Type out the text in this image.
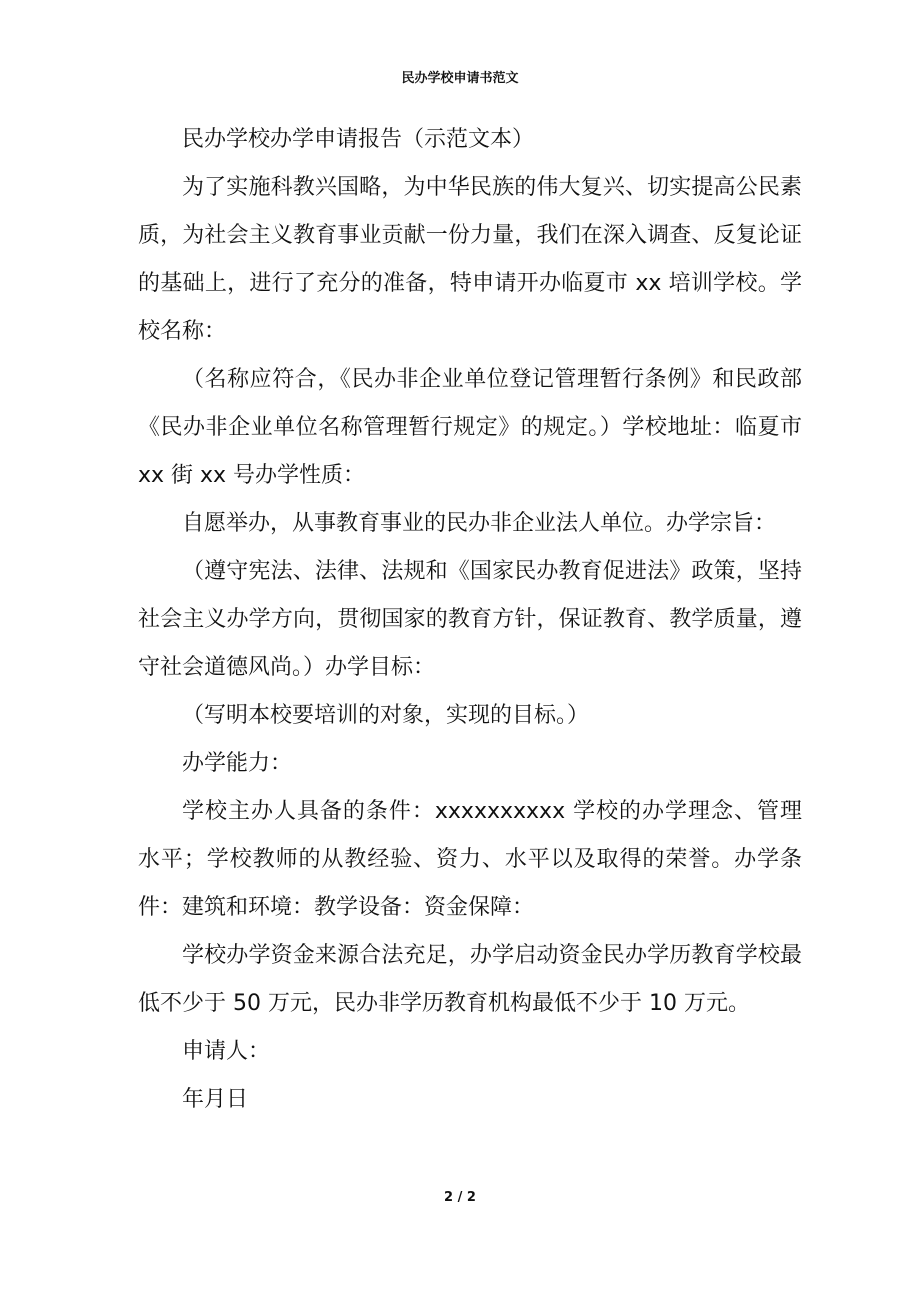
民办学校申请书范文

民办学校办学申请报告（示范文本）

为了实施科教兴国略，为中华民族的伟大复兴、切实提高公民素质，为社会主义教育事业贡献一份力量，我们在深入调查、反复论证的基础上，进行了充分的准备，特申请开办临夏市 xx 培训学校。学校名称：

（名称应符合，《民办非企业单位登记管理暂行条例》和民政部《民办非企业单位名称管理暂行规定》的规定。）学校地址：临夏市 xx 街 xx 号办学性质：

自愿举办，从事教育事业的民办非企业法人单位。办学宗旨：

（遵守宪法、法律、法规和《国家民办教育促进法》政策，坚持社会主义办学方向，贯彻国家的教育方针，保证教育、教学质量，遵守社会道德风尚。）办学目标：

（写明本校要培训的对象，实现的目标。）

办学能力：

学校主办人具备的条件：xxxxxxxxxx 学校的办学理念、管理水平；学校教师的从教经验、资力、水平以及取得的荣誉。办学条件：建筑和环境：教学设备：资金保障：

学校办学资金来源合法充足，办学启动资金民办学历教育学校最低不少于 50 万元，民办非学历教育机构最低不少于 10 万元。

申请人：

年月日

2 / 2
